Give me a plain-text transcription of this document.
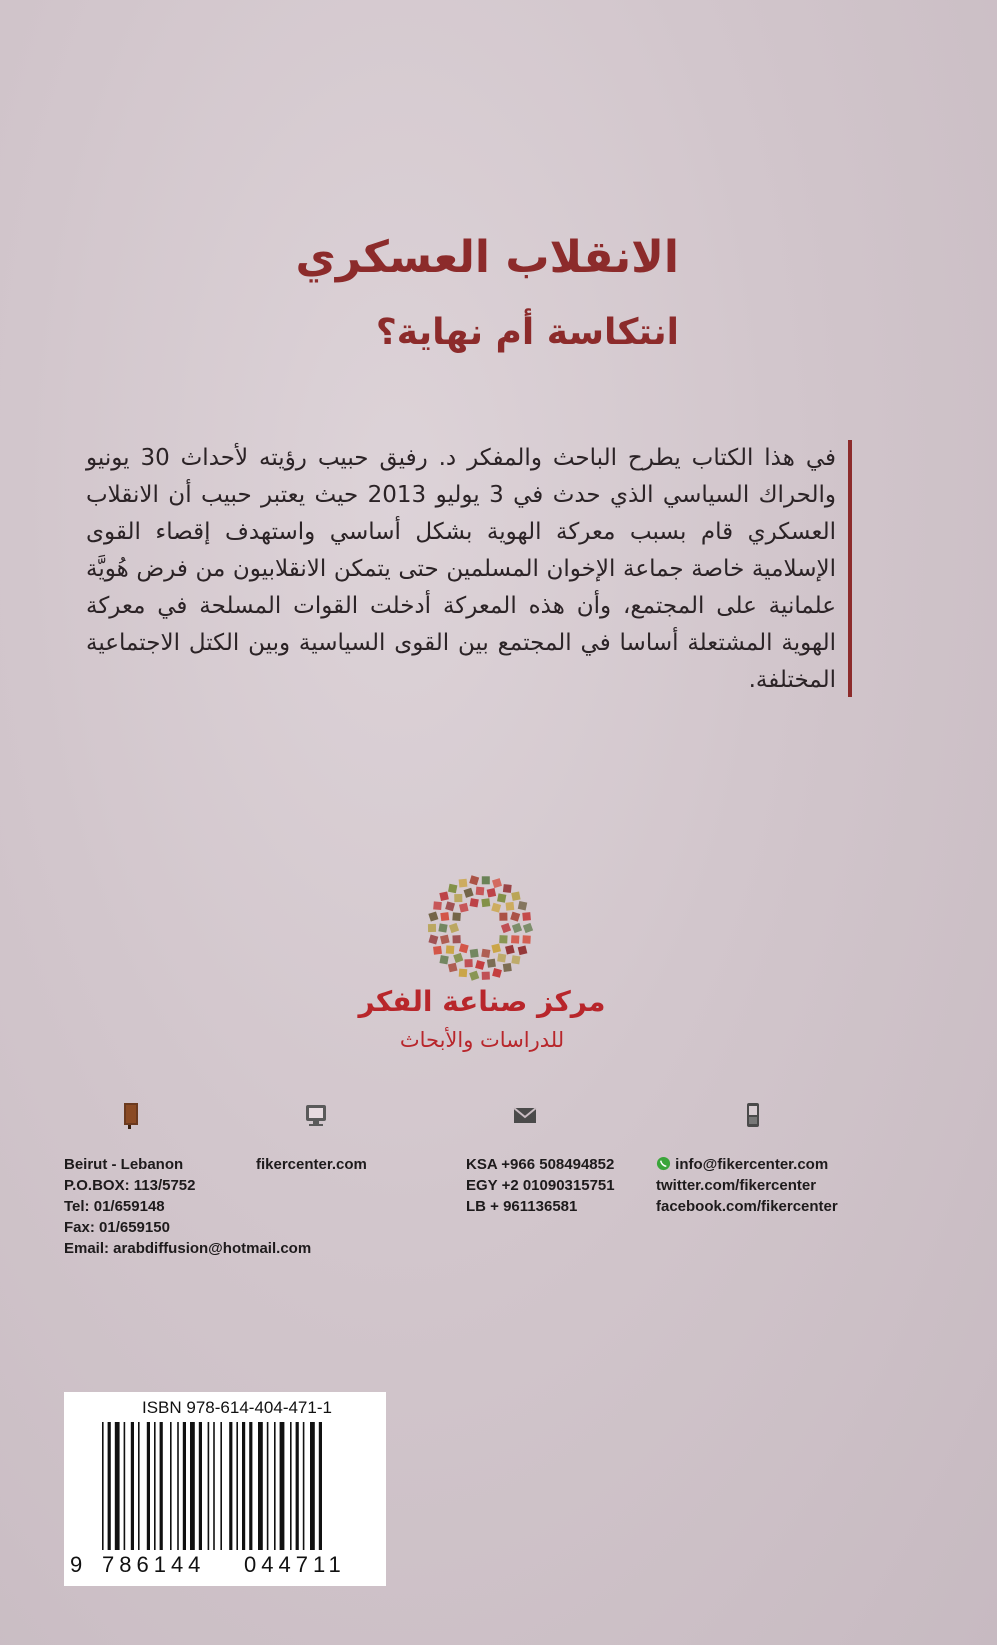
الانقلاب العسكري
انتكاسة أم نهاية؟

في هذا الكتاب يطرح الباحث والمفكر د. رفيق حبيب رؤيته لأحداث 30 يونيو والحراك السياسي الذي حدث في 3 يوليو 2013 حيث يعتبر حبيب أن الانقلاب العسكري قام بسبب معركة الهوية بشكل أساسي واستهدف إقصاء القوى الإسلامية خاصة جماعة الإخوان المسلمين حتى يتمكن الانقلابيون من فرض هُويَّة علمانية على المجتمع، وأن هذه المعركة أدخلت القوات المسلحة في معركة الهوية المشتعلة أساسا في المجتمع بين القوى السياسية وبين الكتل الاجتماعية المختلفة.

مركز صناعة الفكر
للدراسات والأبحاث
Beirut - Lebanon
P.O.BOX: 113/5752
Tel: 01/659148
Fax: 01/659150
Email: arabdiffusion@hotmail.com
fikercenter.com	KSA +966 508494852
EGY +2 01090315751
LB + 961136581
info@fikercenter.com
twitter.com/fikercenter
facebook.com/fikercenter
ISBN 978-614-404-471-1
9 786144 044711
